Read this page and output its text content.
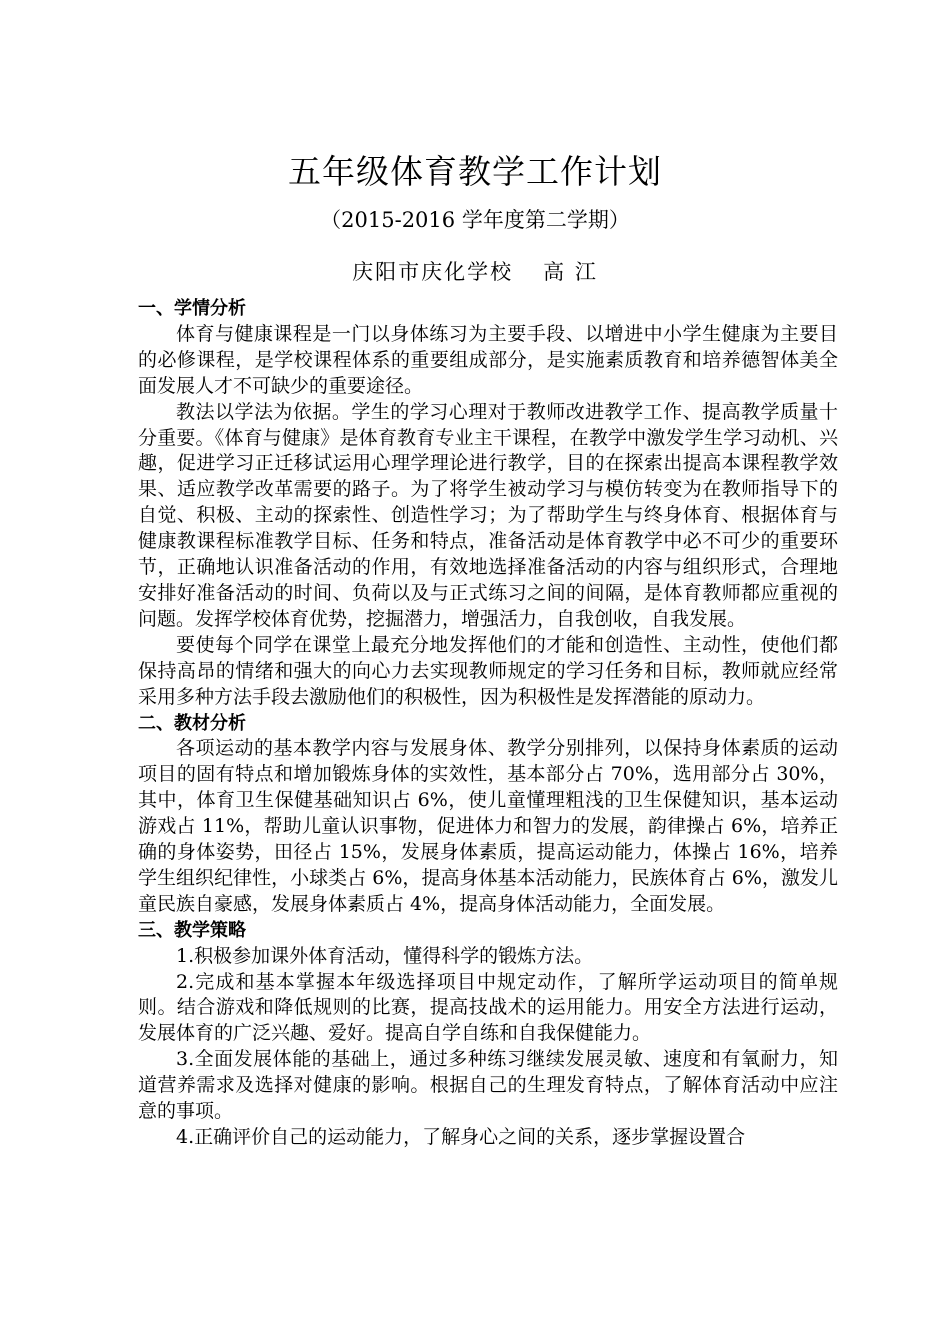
五年级体育教学工作计划
（2015-2016 学年度第二学期）
庆阳市庆化学校 高 江
一、学情分析

体育与健康课程是一门以身体练习为主要手段、以增进中小学生健康为主要目的必修课程，是学校课程体系的重要组成部分，是实施素质教育和培养德智体美全面发展人才不可缺少的重要途径。

教法以学法为依据。学生的学习心理对于教师改进教学工作、提高教学质量十分重要。《体育与健康》是体育教育专业主干课程，在教学中激发学生学习动机、兴趣，促进学习正迁移试运用心理学理论进行教学，目的在探索出提高本课程教学效果、适应教学改革需要的路子。为了将学生被动学习与模仿转变为在教师指导下的自觉、积极、主动的探索性、创造性学习；为了帮助学生与终身体育、根据体育与健康教课程标准教学目标、任务和特点，准备活动是体育教学中必不可少的重要环节，正确地认识准备活动的作用，有效地选择准备活动的内容与组织形式，合理地安排好准备活动的时间、负荷以及与正式练习之间的间隔，是体育教师都应重视的问题。发挥学校体育优势，挖掘潜力，增强活力，自我创收，自我发展。

要使每个同学在课堂上最充分地发挥他们的才能和创造性、主动性，使他们都保持高昂的情绪和强大的向心力去实现教师规定的学习任务和目标，教师就应经常采用多种方法手段去激励他们的积极性，因为积极性是发挥潜能的原动力。

二、教材分析

各项运动的基本教学内容与发展身体、教学分别排列，以保持身体素质的运动项目的固有特点和增加锻炼身体的实效性，基本部分占 70%，选用部分占 30%，其中，体育卫生保健基础知识占 6%，使儿童懂理粗浅的卫生保健知识，基本运动游戏占 11%，帮助儿童认识事物，促进体力和智力的发展，韵律操占 6%，培养正确的身体姿势，田径占 15%，发展身体素质，提高运动能力，体操占 16%，培养学生组织纪律性，小球类占 6%，提高身体基本活动能力，民族体育占 6%，激发儿童民族自豪感，发展身体素质占 4%，提高身体活动能力，全面发展。

三、教学策略

1.积极参加课外体育活动，懂得科学的锻炼方法。

2.完成和基本掌握本年级选择项目中规定动作，了解所学运动项目的简单规则。结合游戏和降低规则的比赛，提高技战术的运用能力。用安全方法进行运动，发展体育的广泛兴趣、爱好。提高自学自练和自我保健能力。

3.全面发展体能的基础上，通过多种练习继续发展灵敏、速度和有氧耐力，知道营养需求及选择对健康的影响。根据自己的生理发育特点，了解体育活动中应注意的事项。

4.正确评价自己的运动能力，了解身心之间的关系，逐步掌握设置合
